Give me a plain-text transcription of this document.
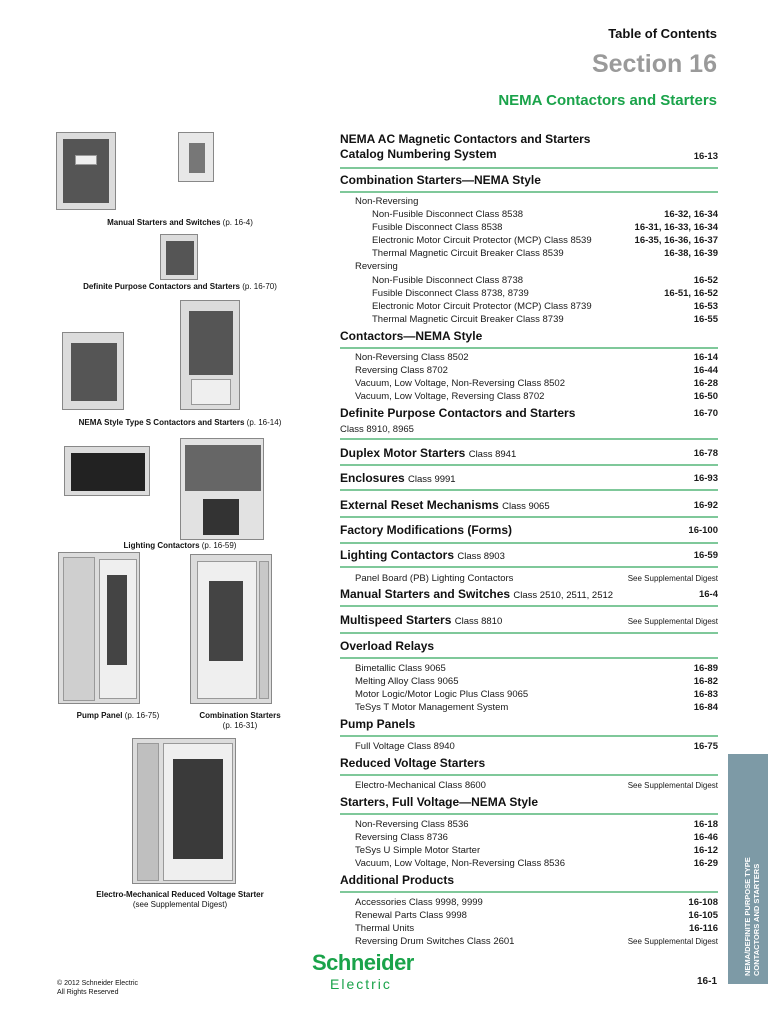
Table of Contents
Section 16
NEMA Contactors and Starters
Manual Starters and Switches (p. 16-4)
Definite Purpose Contactors and Starters (p. 16-70)
NEMA Style Type S Contactors and Starters (p. 16-14)
Lighting Contactors (p. 16-59)
Pump Panel (p. 16-75)	Combination Starters
(p. 16-31)
Electro-Mechanical Reduced Voltage Starter
(see Supplemental Digest)
NEMA AC Magnetic Contactors and Starters
Catalog Numbering System	16-13
Combination Starters—NEMA Style
Non-Reversing
Non-Fusible Disconnect Class 8538	16-32, 16-34
Fusible Disconnect Class 8538	16-31, 16-33, 16-34
Electronic Motor Circuit Protector (MCP) Class 8539	16-35, 16-36, 16-37
Thermal Magnetic Circuit Breaker Class 8539	16-38, 16-39
Reversing
Non-Fusible Disconnect Class 8738	16-52
Fusible Disconnect Class 8738, 8739	16-51, 16-52
Electronic Motor Circuit Protector (MCP) Class 8739	16-53
Thermal Magnetic Circuit Breaker Class 8739	16-55
Contactors—NEMA Style
Non-Reversing Class 8502	16-14
Reversing Class 8702	16-44
Vacuum, Low Voltage, Non-Reversing Class 8502	16-28
Vacuum, Low Voltage, Reversing Class 8702	16-50
Definite Purpose Contactors and Starters	16-70
Class 8910, 8965
Duplex Motor Starters Class 8941	16-78
Enclosures Class 9991	16-93
External Reset Mechanisms Class 9065	16-92
Factory Modifications (Forms)	16-100
Lighting Contactors Class 8903	16-59
Panel Board (PB) Lighting Contactors	See Supplemental Digest
Manual Starters and Switches Class 2510, 2511, 2512	16-4
Multispeed Starters Class 8810	See Supplemental Digest
Overload Relays
Bimetallic Class 9065	16-89
Melting Alloy Class 9065	16-82
Motor Logic/Motor Logic Plus Class 9065	16-83
TeSys T Motor Management System	16-84
Pump Panels
Full Voltage Class 8940	16-75
Reduced Voltage Starters
Electro-Mechanical Class 8600	See Supplemental Digest
Starters, Full Voltage—NEMA Style
Non-Reversing Class 8536	16-18
Reversing Class 8736	16-46
TeSys U Simple Motor Starter	16-12
Vacuum, Low Voltage, Non-Reversing Class 8536	16-29
Additional Products
Accessories Class 9998, 9999	16-108
Renewal Parts Class 9998	16-105
Thermal Units	16-116
Reversing Drum Switches Class 2601	See Supplemental Digest
16 NEMA/DEFINITE PURPOSE TYPE
CONTACTORS AND STARTERS
Schneider
Electric
© 2012 Schneider Electric
All Rights Reserved
16-1
